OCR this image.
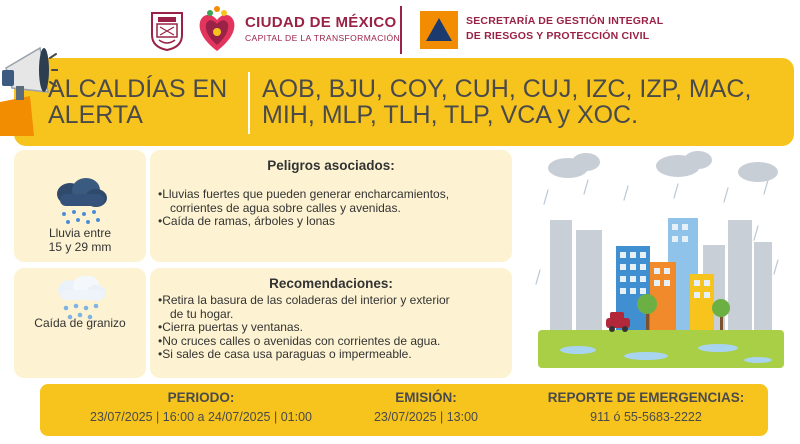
CIUDAD DE MÉXICO
CAPITAL DE LA TRANSFORMACIÓN
SECRETARÍA DE GESTIÓN INTEGRAL
DE RIESGOS Y PROTECCIÓN CIVIL
ALCALDÍAS EN
ALERTA
AOB, BJU, COY, CUH, CUJ, IZC, IZP, MAC, MIH, MLP, TLH, TLP, VCA y XOC.
Lluvia entre
15 y 29 mm
Caída de granizo
Peligros asociados:
•Lluvias fuertes que pueden generar encharcamientos,
corrientes de agua sobre calles y avenidas.
•Caída de ramas, árboles y lonas
Recomendaciones:
•Retira la basura de las coladeras del interior y exterior
de tu hogar.
•Cierra puertas y ventanas.
•No cruces calles o avenidas con corrientes de agua.
•Si sales de casa usa paraguas o impermeable.
PERIODO:
23/07/2025 | 16:00 a 24/07/2025 | 01:00
EMISIÓN:
23/07/2025 | 13:00
REPORTE DE EMERGENCIAS:
911 ó 55-5683-2222
